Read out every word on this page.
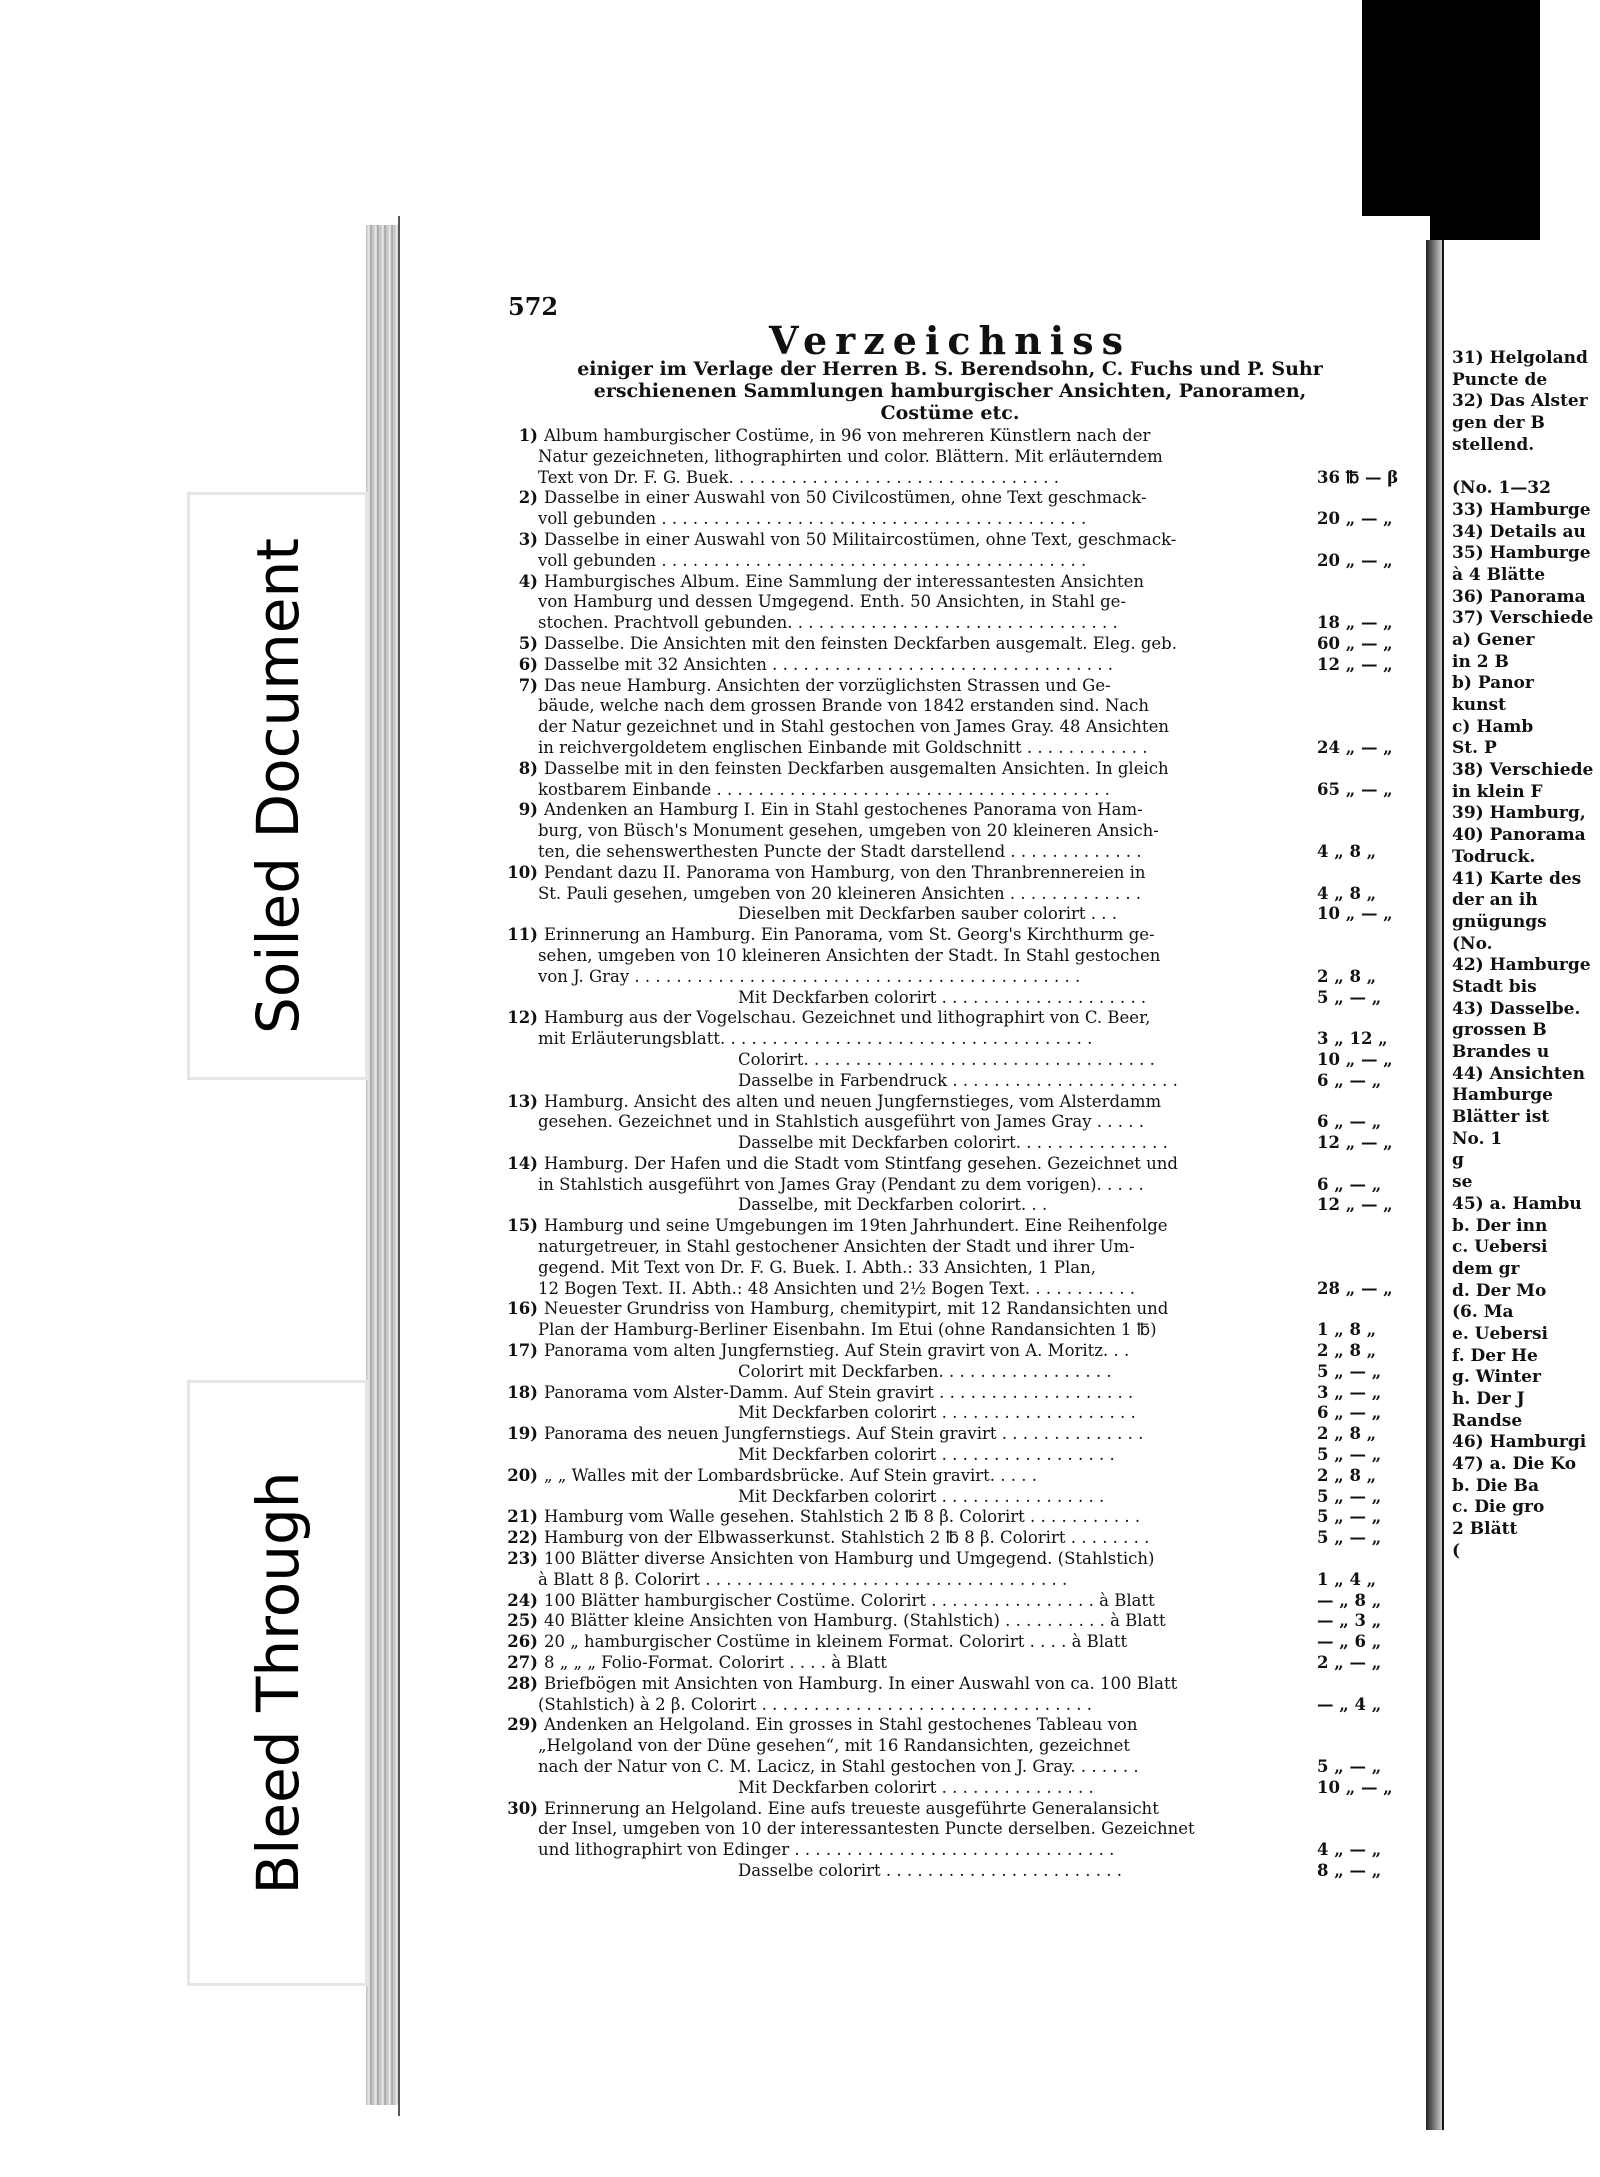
31) Helgoland
Puncte de
32) Das Alster
gen der B
stellend.
(No. 1—32
33) Hamburge
34) Details au
35) Hamburge
à 4 Blätte
36) Panorama
37) Verschiede
a) Gener
in 2 B
b) Panor
kunst
c) Hamb
St. P
38) Verschiede
in klein F
39) Hamburg,
40) Panorama
Todruck.
41) Karte des
der an ih
gnügungs
(No.
42) Hamburge
Stadt bis
43) Dasselbe.
grossen B
Brandes u
44) Ansichten
Hamburge
Blätter ist
No. 1
g
se
45) a. Hambu
b. Der inn
c. Uebersi
dem gr
d. Der Mo
(6. Ma
e. Uebersi
f. Der He
g. Winter
h. Der J
Randse
46) Hamburgi
47) a. Die Ko
b. Die Ba
c. Die gro
2 Blätt
(
Soiled Document
Bleed Through
572
Verzeichniss
einiger im Verlage der Herren B. S. Berendsohn, C. Fuchs und P. Suhr
erschienenen Sammlungen hamburgischer Ansichten, Panoramen,
Costüme etc.
1) Album hamburgischer Costüme, in 96 von mehreren Künstlern nach der
Natur gezeichneten, lithographirten und color. Blättern. Mit erläuterndem
Text von Dr. F. G. Buek. . . . . . . . . . . . . . . . . . . . . . . . . . . . . . . .	36 ℔ — β
2) Dasselbe in einer Auswahl von 50 Civilcostümen, ohne Text geschmack-
voll gebunden . . . . . . . . . . . . . . . . . . . . . . . . . . . . . . . . . . . . . . . . .	20 „ — „
3) Dasselbe in einer Auswahl von 50 Militaircostümen, ohne Text, geschmack-
voll gebunden . . . . . . . . . . . . . . . . . . . . . . . . . . . . . . . . . . . . . . . . .	20 „ — „
4) Hamburgisches Album. Eine Sammlung der interessantesten Ansichten
von Hamburg und dessen Umgegend. Enth. 50 Ansichten, in Stahl ge-
stochen. Prachtvoll gebunden. . . . . . . . . . . . . . . . . . . . . . . . . . . . . . . .	18 „ — „
5) Dasselbe. Die Ansichten mit den feinsten Deckfarben ausgemalt. Eleg. geb.	60 „ — „
6) Dasselbe mit 32 Ansichten . . . . . . . . . . . . . . . . . . . . . . . . . . . . . . . . .	12 „ — „
7) Das neue Hamburg. Ansichten der vorzüglichsten Strassen und Ge-
bäude, welche nach dem grossen Brande von 1842 erstanden sind. Nach
der Natur gezeichnet und in Stahl gestochen von James Gray. 48 Ansichten
in reichvergoldetem englischen Einbande mit Goldschnitt . . . . . . . . . . . .	24 „ — „
8) Dasselbe mit in den feinsten Deckfarben ausgemalten Ansichten. In gleich
kostbarem Einbande . . . . . . . . . . . . . . . . . . . . . . . . . . . . . . . . . . . . . .	65 „ — „
9) Andenken an Hamburg I. Ein in Stahl gestochenes Panorama von Ham-
burg, von Büsch's Monument gesehen, umgeben von 20 kleineren Ansich-
ten, die sehenswerthesten Puncte der Stadt darstellend . . . . . . . . . . . . .	4 „ 8 „
10) Pendant dazu II. Panorama von Hamburg, von den Thranbrennereien in
St. Pauli gesehen, umgeben von 20 kleineren Ansichten . . . . . . . . . . . . .	4 „ 8 „
Dieselben mit Deckfarben sauber colorirt . . .	10 „ — „
11) Erinnerung an Hamburg. Ein Panorama, vom St. Georg's Kirchthurm ge-
sehen, umgeben von 10 kleineren Ansichten der Stadt. In Stahl gestochen
von J. Gray . . . . . . . . . . . . . . . . . . . . . . . . . . . . . . . . . . . . . . . . . . .	2 „ 8 „
Mit Deckfarben colorirt . . . . . . . . . . . . . . . . . . . .	5 „ — „
12) Hamburg aus der Vogelschau. Gezeichnet und lithographirt von C. Beer,
mit Erläuterungsblatt. . . . . . . . . . . . . . . . . . . . . . . . . . . . . . . . . . . .	3 „ 12 „
Colorirt. . . . . . . . . . . . . . . . . . . . . . . . . . . . . . . . . .	10 „ — „
Dasselbe in Farbendruck . . . . . . . . . . . . . . . . . . . . . .	6 „ — „
13) Hamburg. Ansicht des alten und neuen Jungfernstieges, vom Alsterdamm
gesehen. Gezeichnet und in Stahlstich ausgeführt von James Gray . . . . .	6 „ — „
Dasselbe mit Deckfarben colorirt. . . . . . . . . . . . . . .	12 „ — „
14) Hamburg. Der Hafen und die Stadt vom Stintfang gesehen. Gezeichnet und
in Stahlstich ausgeführt von James Gray (Pendant zu dem vorigen). . . . .	6 „ — „
Dasselbe, mit Deckfarben colorirt. . .	12 „ — „
15) Hamburg und seine Umgebungen im 19ten Jahrhundert. Eine Reihenfolge
naturgetreuer, in Stahl gestochener Ansichten der Stadt und ihrer Um-
gegend. Mit Text von Dr. F. G. Buek. I. Abth.: 33 Ansichten, 1 Plan,
12 Bogen Text. II. Abth.: 48 Ansichten und 2½ Bogen Text. . . . . . . . . . .	28 „ — „
16) Neuester Grundriss von Hamburg, chemitypirt, mit 12 Randansichten und
Plan der Hamburg-Berliner Eisenbahn. Im Etui (ohne Randansichten 1 ℔)	1 „ 8 „
17) Panorama vom alten Jungfernstieg. Auf Stein gravirt von A. Moritz. . .	2 „ 8 „
Colorirt mit Deckfarben. . . . . . . . . . . . . . . . .	5 „ — „
18) Panorama vom Alster-Damm. Auf Stein gravirt . . . . . . . . . . . . . . . . . . .	3 „ — „
Mit Deckfarben colorirt . . . . . . . . . . . . . . . . . . .	6 „ — „
19) Panorama des neuen Jungfernstiegs. Auf Stein gravirt . . . . . . . . . . . . . .	2 „ 8 „
Mit Deckfarben colorirt . . . . . . . . . . . . . . . . .	5 „ — „
20) „ „ Walles mit der Lombardsbrücke. Auf Stein gravirt. . . . .	2 „ 8 „
Mit Deckfarben colorirt . . . . . . . . . . . . . . . .	5 „ — „
21) Hamburg vom Walle gesehen. Stahlstich 2 ℔ 8 β. Colorirt . . . . . . . . . . .	5 „ — „
22) Hamburg von der Elbwasserkunst. Stahlstich 2 ℔ 8 β. Colorirt . . . . . . . .	5 „ — „
23) 100 Blätter diverse Ansichten von Hamburg und Umgegend. (Stahlstich)
à Blatt 8 β. Colorirt . . . . . . . . . . . . . . . . . . . . . . . . . . . . . . . . . . .	1 „ 4 „
24) 100 Blätter hamburgischer Costüme. Colorirt . . . . . . . . . . . . . . . . à Blatt	— „ 8 „
25) 40 Blätter kleine Ansichten von Hamburg. (Stahlstich) . . . . . . . . . . à Blatt	— „ 3 „
26) 20 „ hamburgischer Costüme in kleinem Format. Colorirt . . . . à Blatt	— „ 6 „
27) 8 „ „ „ Folio-Format. Colorirt . . . . à Blatt	2 „ — „
28) Briefbögen mit Ansichten von Hamburg. In einer Auswahl von ca. 100 Blatt
(Stahlstich) à 2 β. Colorirt . . . . . . . . . . . . . . . . . . . . . . . . . . . . . . . .	— „ 4 „
29) Andenken an Helgoland. Ein grosses in Stahl gestochenes Tableau von
„Helgoland von der Düne gesehen“, mit 16 Randansichten, gezeichnet
nach der Natur von C. M. Lacicz, in Stahl gestochen von J. Gray. . . . . . .	5 „ — „
Mit Deckfarben colorirt . . . . . . . . . . . . . . .	10 „ — „
30) Erinnerung an Helgoland. Eine aufs treueste ausgeführte Generalansicht
der Insel, umgeben von 10 der interessantesten Puncte derselben. Gezeichnet
und lithographirt von Edinger . . . . . . . . . . . . . . . . . . . . . . . . . . . . . . .	4 „ — „
Dasselbe colorirt . . . . . . . . . . . . . . . . . . . . . . .	8 „ — „
